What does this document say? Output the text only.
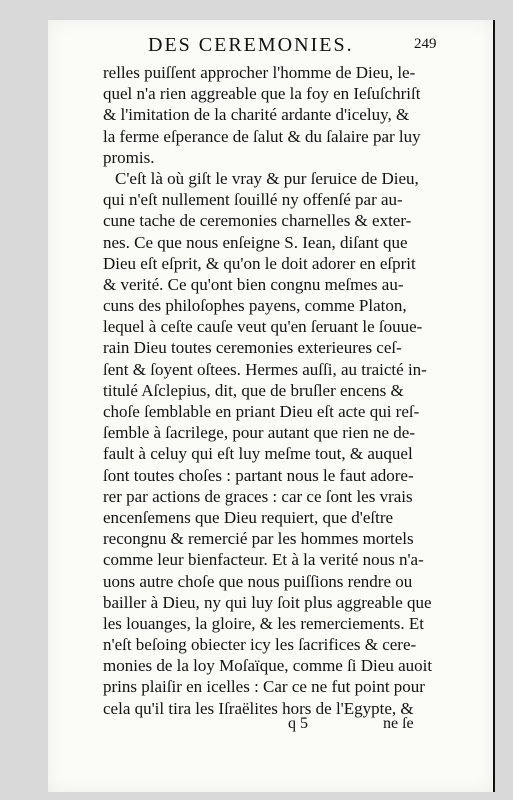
DES CEREMONIES.	249
relles puiſſent approcher l'homme de Dieu, le-
quel n'a rien aggreable que la foy en Ieſuſchriſt
& l'imitation de la charité ardante d'iceluy, &
la ferme eſperance de ſalut & du ſalaire par luy
promis.
C'eſt là où giſt le vray & pur ſeruice de Dieu,
qui n'eſt nullement ſouillé ny offenſé par au-
cune tache de ceremonies charnelles & exter-
nes. Ce que nous enſeigne S. Iean, diſant que
Dieu eſt eſprit, & qu'on le doit adorer en eſprit
& verité. Ce qu'ont bien congnu meſmes au-
cuns des philoſophes payens, comme Platon,
lequel à ceſte cauſe veut qu'en ſeruant le ſouue-
rain Dieu toutes ceremonies exterieures ceſ-
ſent & ſoyent oſtees. Hermes auſſi, au traicté in-
titulé Aſclepius, dit, que de bruſler encens &
choſe ſemblable en priant Dieu eſt acte qui reſ-
ſemble à ſacrilege, pour autant que rien ne de-
fault à celuy qui eſt luy meſme tout, & auquel
ſont toutes choſes : partant nous le faut adore-
rer par actions de graces : car ce ſont les vrais
encenſemens que Dieu requiert, que d'eſtre
recongnu & remercié par les hommes mortels
comme leur bienfacteur. Et à la verité nous n'a-
uons autre choſe que nous puiſſions rendre ou
bailler à Dieu, ny qui luy ſoit plus aggreable que
les louanges, la gloire, & les remerciements. Et
n'eſt beſoing obiecter icy les ſacrifices & cere-
monies de la loy Moſaïque, comme ſi Dieu auoit
prins plaiſir en icelles : Car ce ne fut point pour
cela qu'il tira les Iſraëlites hors de l'Egypte, &
q 5	ne ſe
